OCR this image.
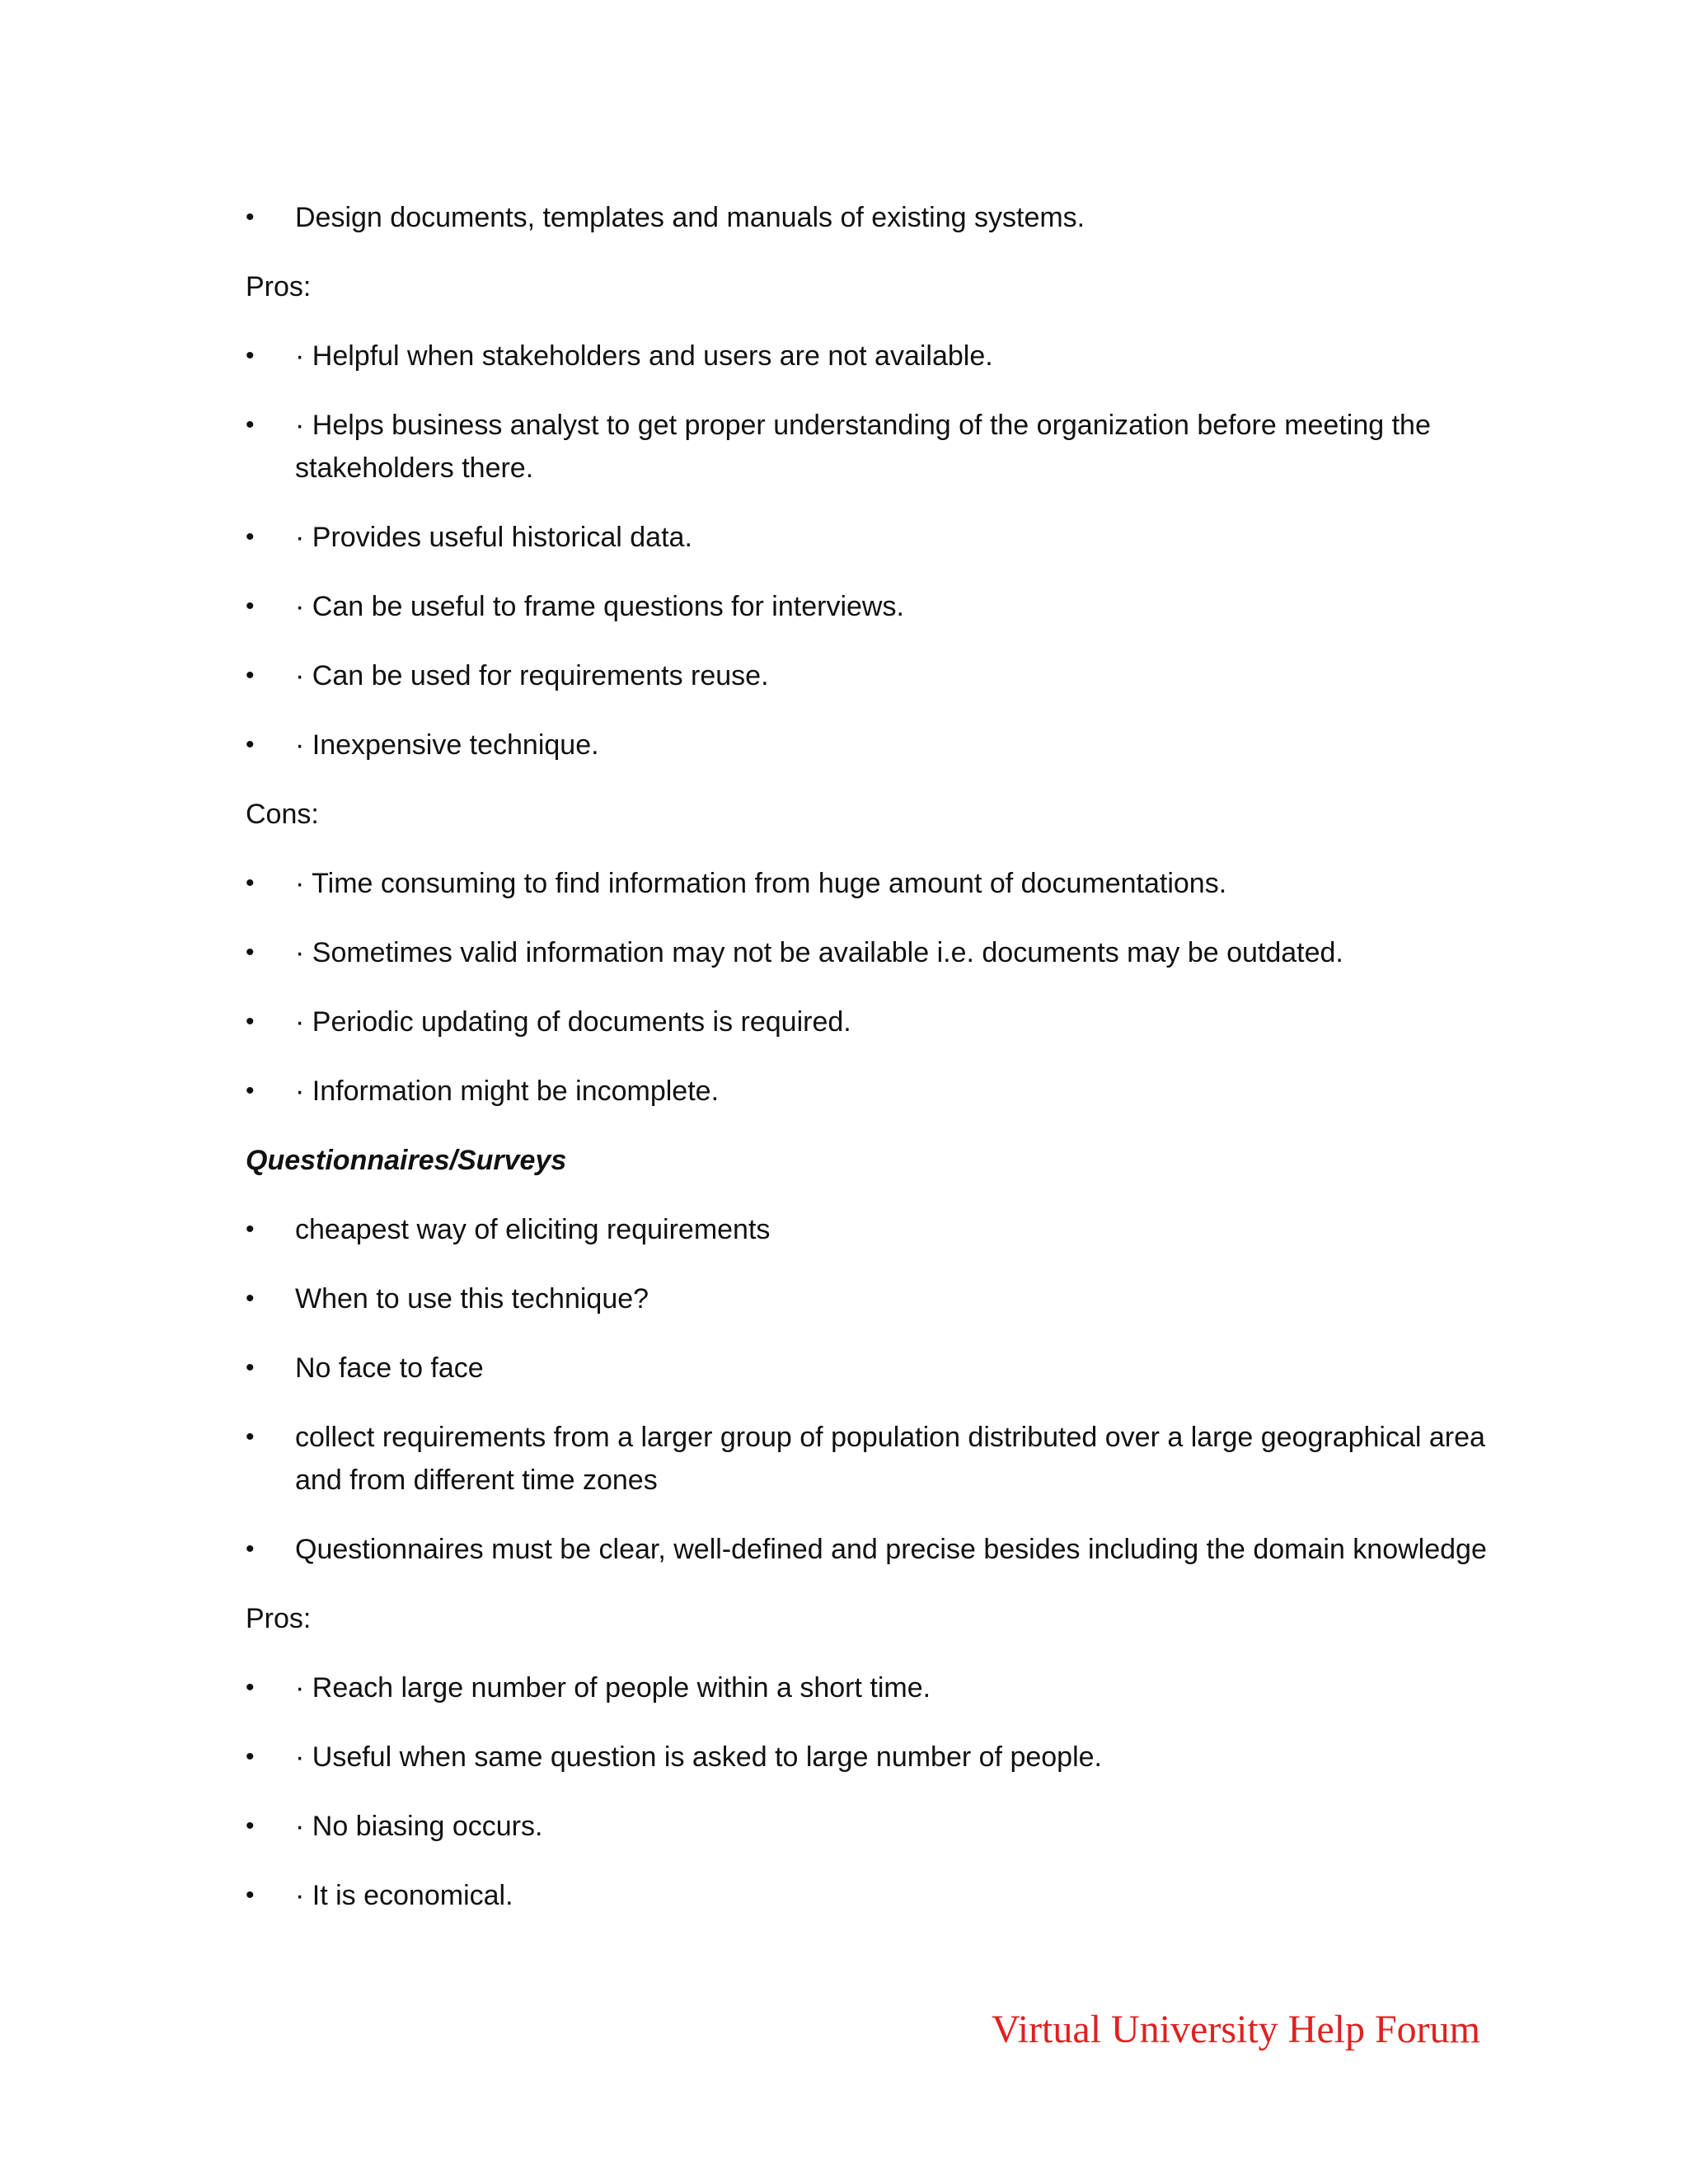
•	Design documents, templates and manuals of existing systems.
Pros:
•	· Helpful when stakeholders and users are not available.
•	· Helps business analyst to get proper understanding of the organization before meeting the stakeholders there.
•	· Provides useful historical data.
•	· Can be useful to frame questions for interviews.
•	· Can be used for requirements reuse.
•	· Inexpensive technique.
Cons:
•	· Time consuming to find information from huge amount of documentations.
•	· Sometimes valid information may not be available i.e. documents may be outdated.
•	· Periodic updating of documents is required.
•	· Information might be incomplete.
Questionnaires/Surveys
•	cheapest way of eliciting requirements
•	When to use this technique?
•	No face to face
•	collect requirements from a larger group of population distributed over a large geographical area and from different time zones
•	Questionnaires must be clear, well-defined and precise besides including the domain knowledge
Pros:
•	· Reach large number of people within a short time.
•	· Useful when same question is asked to large number of people.
•	· No biasing occurs.
•	· It is economical.
Virtual University Help Forum
